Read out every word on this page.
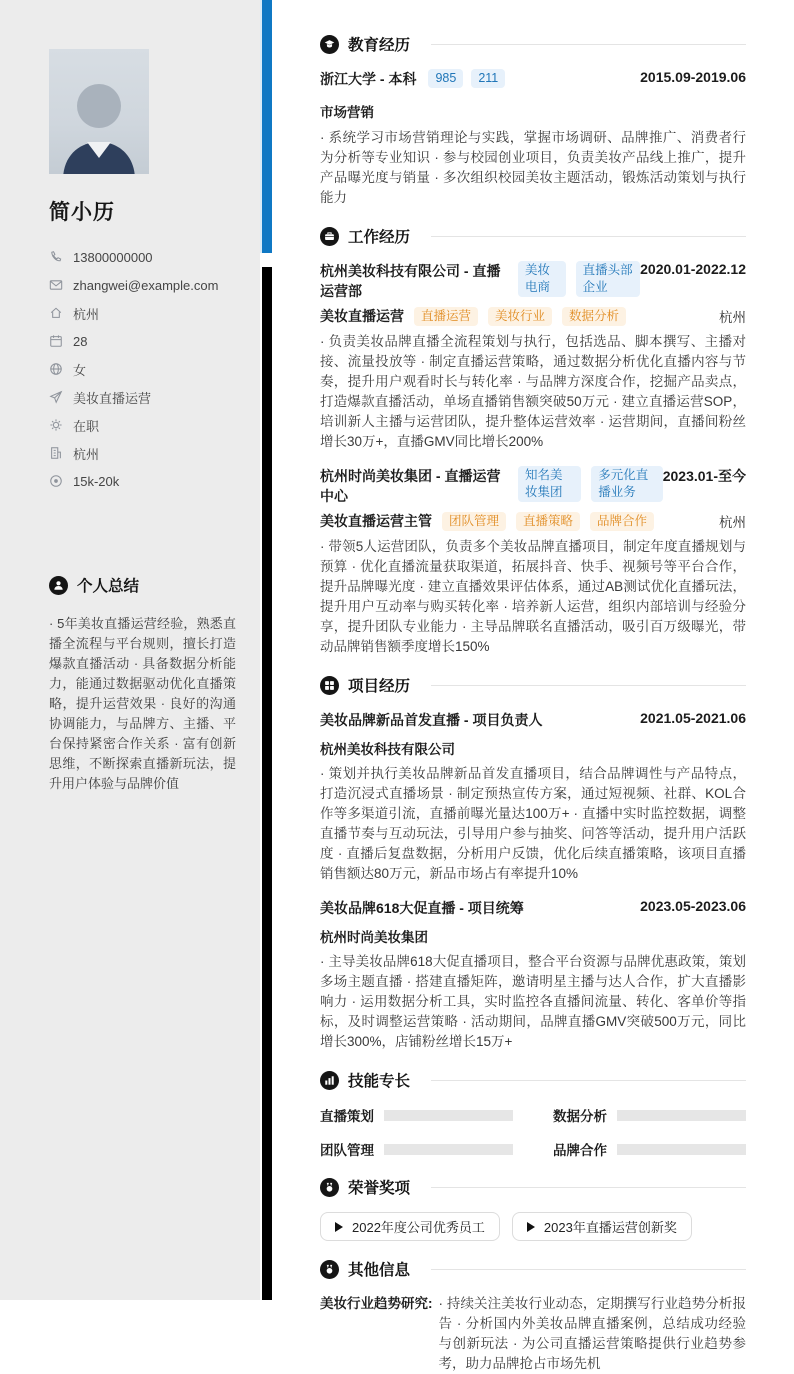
简小历
13800000000
zhangwei@example.com
杭州
28
女
美妆直播运营
在职
杭州
15k-20k
个人总结
· 5年美妆直播运营经验，熟悉直播全流程与平台规则，擅长打造爆款直播活动 · 具备数据分析能力，能通过数据驱动优化直播策略，提升运营效果 · 良好的沟通协调能力，与品牌方、主播、平台保持紧密合作关系 · 富有创新思维，不断探索直播新玩法，提升用户体验与品牌价值
教育经历
浙江大学 - 本科	985	211	2015.09-2019.06
市场营销
· 系统学习市场营销理论与实践，掌握市场调研、品牌推广、消费者行为分析等专业知识 · 参与校园创业项目，负责美妆产品线上推广，提升产品曝光度与销量 · 多次组织校园美妆主题活动，锻炼活动策划与执行能力
工作经历
杭州美妆科技有限公司 - 直播运营部
美妆电商
直播头部企业
2020.01-2022.12
美妆直播运营	直播运营	美妆行业	数据分析	杭州
· 负责美妆品牌直播全流程策划与执行，包括选品、脚本撰写、主播对接、流量投放等 · 制定直播运营策略，通过数据分析优化直播内容与节奏，提升用户观看时长与转化率 · 与品牌方深度合作，挖掘产品卖点，打造爆款直播活动，单场直播销售额突破50万元 · 建立直播运营SOP，培训新人主播与运营团队，提升整体运营效率 · 运营期间，直播间粉丝增长30万+，直播GMV同比增长200%
杭州时尚美妆集团 - 直播运营中心
知名美妆集团
多元化直播业务
2023.01-至今
美妆直播运营主管	团队管理	直播策略	品牌合作	杭州
· 带领5人运营团队，负责多个美妆品牌直播项目，制定年度直播规划与预算 · 优化直播流量获取渠道，拓展抖音、快手、视频号等平台合作，提升品牌曝光度 · 建立直播效果评估体系，通过AB测试优化直播玩法，提升用户互动率与购买转化率 · 培养新人运营，组织内部培训与经验分享，提升团队专业能力 · 主导品牌联名直播活动，吸引百万级曝光，带动品牌销售额季度增长150%
项目经历
美妆品牌新品首发直播 - 项目负责人	2021.05-2021.06
杭州美妆科技有限公司
· 策划并执行美妆品牌新品首发直播项目，结合品牌调性与产品特点，打造沉浸式直播场景 · 制定预热宣传方案，通过短视频、社群、KOL合作等多渠道引流，直播前曝光量达100万+ · 直播中实时监控数据，调整直播节奏与互动玩法，引导用户参与抽奖、问答等活动，提升用户活跃度 · 直播后复盘数据，分析用户反馈，优化后续直播策略，该项目直播销售额达80万元，新品市场占有率提升10%
美妆品牌618大促直播 - 项目统筹	2023.05-2023.06
杭州时尚美妆集团
· 主导美妆品牌618大促直播项目，整合平台资源与品牌优惠政策，策划多场主题直播 · 搭建直播矩阵，邀请明星主播与达人合作，扩大直播影响力 · 运用数据分析工具，实时监控各直播间流量、转化、客单价等指标，及时调整运营策略 · 活动期间，品牌直播GMV突破500万元，同比增长300%，店铺粉丝增长15万+
技能专长
直播策划	数据分析
团队管理	品牌合作
荣誉奖项
2022年度公司优秀员工	2023年直播运营创新奖
其他信息
美妆行业趋势研究: · 持续关注美妆行业动态，定期撰写行业趋势分析报告 · 分析国内外美妆品牌直播案例，总结成功经验与创新玩法 · 为公司直播运营策略提供行业趋势参考，助力品牌抢占市场先机
